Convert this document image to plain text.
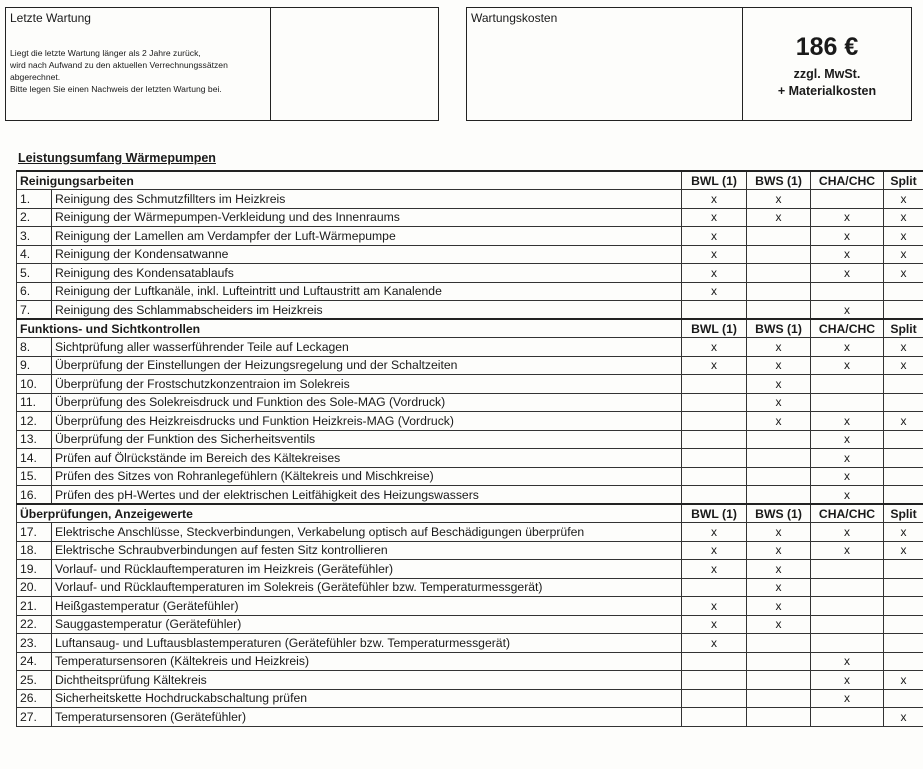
Letzte Wartung
Liegt die letzte Wartung länger als 2 Jahre zurück,
wird nach Aufwand zu den aktuellen Verrechnungssätzen
abgerechnet.
Bitte legen Sie einen Nachweis der letzten Wartung bei.
Wartungskosten
186 €
zzgl. MwSt.
+ Materialkosten
Leistungsumfang Wärmepumpen
Reinigungsarbeiten		BWL (1)	BWS (1)	CHA/CHC	Split
1.	Reinigung des Schmutzfillters im Heizkreis	x	x		x
2.	Reinigung der Wärmepumpen-Verkleidung und des Innenraums	x	x	x	x
3.	Reinigung der Lamellen am Verdampfer der Luft-Wärmepumpe	x		x	x
4.	Reinigung der Kondensatwanne	x		x	x
5.	Reinigung des Kondensatablaufs	x		x	x
6.	Reinigung der Luftkanäle, inkl. Lufteintritt und Luftaustritt am Kanalende	x			
7.	Reinigung des Schlammabscheiders im Heizkreis			x	
Funktions- und Sichtkontrollen		BWL (1)	BWS (1)	CHA/CHC	Split
8.	Sichtprüfung aller wasserführender Teile auf Leckagen	x	x	x	x
9.	Überprüfung der Einstellungen der Heizungsregelung und der Schaltzeiten	x	x	x	x
10.	Überprüfung der Frostschutzkonzentraion im Solekreis		x		
11.	Überprüfung des Solekreisdruck und Funktion des Sole-MAG (Vordruck)		x		
12.	Überprüfung des Heizkreisdrucks und Funktion Heizkreis-MAG (Vordruck)		x	x	x
13.	Überprüfung der Funktion des Sicherheitsventils			x	
14.	Prüfen auf Ölrückstände im Bereich des Kältekreises			x	
15.	Prüfen des Sitzes von Rohranlegefühlern (Kältekreis und Mischkreise)			x	
16.	Prüfen des pH-Wertes und der elektrischen Leitfähigkeit des Heizungswassers			x	
Überprüfungen, Anzeigewerte		BWL (1)	BWS (1)	CHA/CHC	Split
17.	Elektrische Anschlüsse, Steckverbindungen, Verkabelung optisch auf Beschädigungen überprüfen	x	x	x	x
18.	Elektrische Schraubverbindungen auf festen Sitz kontrollieren	x	x	x	x
19.	Vorlauf- und Rücklauftemperaturen im Heizkreis (Gerätefühler)	x	x		
20.	Vorlauf- und Rücklauftemperaturen im Solekreis (Gerätefühler bzw. Temperaturmessgerät)		x		
21.	Heißgastemperatur (Gerätefühler)	x	x		
22.	Sauggastemperatur (Gerätefühler)	x	x		
23.	Luftansaug- und Luftausblastemperaturen (Gerätefühler bzw. Temperaturmessgerät)	x			
24.	Temperatursensoren (Kältekreis und Heizkreis)			x	
25.	Dichtheitsprüfung Kältekreis			x	x
26.	Sicherheitskette Hochdruckabschaltung prüfen			x	
27.	Temperatursensoren (Gerätefühler)				x
